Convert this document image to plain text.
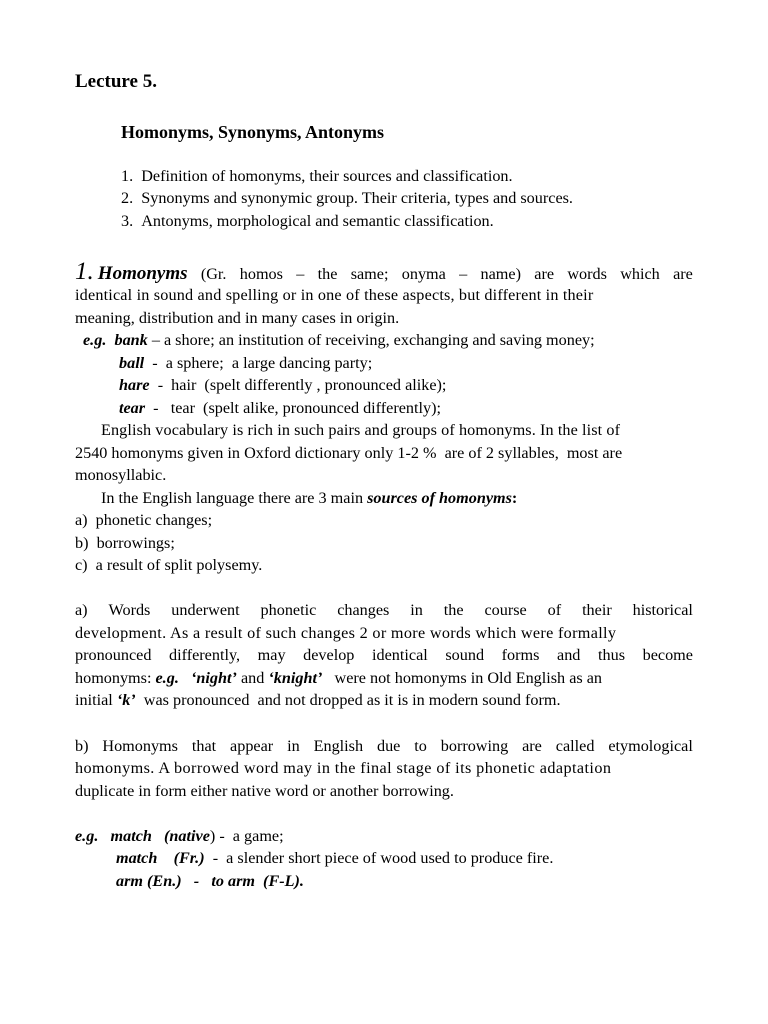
Lecture 5.
Homonyms, Synonyms, Antonyms
1. Definition of homonyms, their sources and classification.
2. Synonyms and synonymic group. Their criteria, types and sources.
3. Antonyms, morphological and semantic classification.
1. Homonyms (Gr. homos – the same; onyma – name) are words which are
identical in sound and spelling or in one of these aspects, but different in their
meaning, distribution and in many cases in origin.
e.g. bank – a shore; an institution of receiving, exchanging and saving money;
ball  -  a sphere;  a large dancing party;
hare  -  hair  (spelt differently , pronounced alike);
tear  -   tear  (spelt alike, pronounced differently);
English vocabulary is rich in such pairs and groups of homonyms. In the list of
2540 homonyms given in Oxford dictionary only 1-2 %  are of 2 syllables,  most are
monosyllabic.
In the English language there are 3 main sources of homonyms:
a)  phonetic changes;
b)  borrowings;
c)  a result of split polysemy.
a) Words underwent phonetic changes in the course of their historical
development. As a result of such changes 2 or more words which were formally
pronounced differently, may develop identical sound forms and thus become
homonyms: e.g. ‘night’ and ‘knight’   were not homonyms in Old English as an
initial ‘k’  was pronounced  and not dropped as it is in modern sound form.
b) Homonyms that appear in English due to borrowing are called etymological
homonyms. A borrowed word may in the final stage of its phonetic adaptation
duplicate in form either native word or another borrowing.
e.g. match (native) -  a game;
match (Fr.)  -  a slender short piece of wood used to produce fire.
arm (En.)   -   to arm  (F-L).
